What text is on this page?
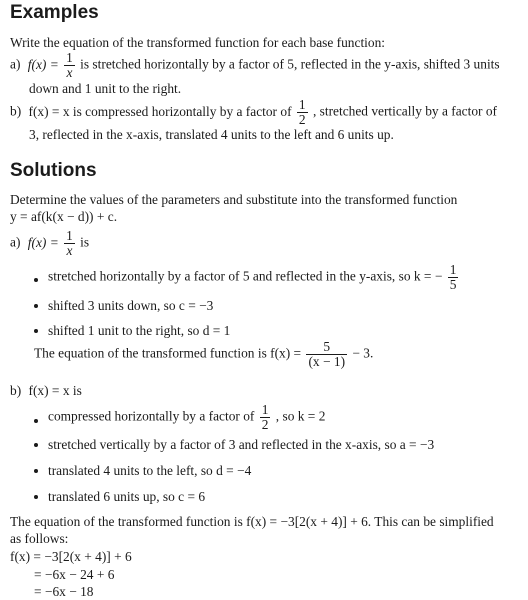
Examples
Write the equation of the transformed function for each base function:
a) $f(x) = \frac{1}{x}$ is stretched horizontally by a factor of 5, reflected in the y-axis, shifted 3 units
down and 1 unit to the right.
b) f(x) = x is compressed horizontally by a factor of $\frac{1}{2}$ , stretched vertically by a factor of
3, reflected in the x-axis, translated 4 units to the left and 6 units up.
Solutions
Determine the values of the parameters and substitute into the transformed function
y = af(k(x − d)) + c.
a) $f(x) = \frac{1}{x}$ is
stretched horizontally by a factor of 5 and reflected in the y-axis, so k = − $\frac{1}{5}$
shifted 3 units down, so c = −3
shifted 1 unit to the right, so d = 1
The equation of the transformed function is $f(x) = \frac{5}{(x - 1)} - 3$.
b) f(x) = x is
compressed horizontally by a factor of $\frac{1}{2}$ , so k = 2
stretched vertically by a factor of 3 and reflected in the x-axis, so a = −3
translated 4 units to the left, so d = −4
translated 6 units up, so c = 6
The equation of the transformed function is f(x) = −3[2(x + 4)] + 6. This can be simplified
as follows:
f(x) = −3[2(x + 4)] + 6
= −6x − 24 + 6
= −6x − 18
